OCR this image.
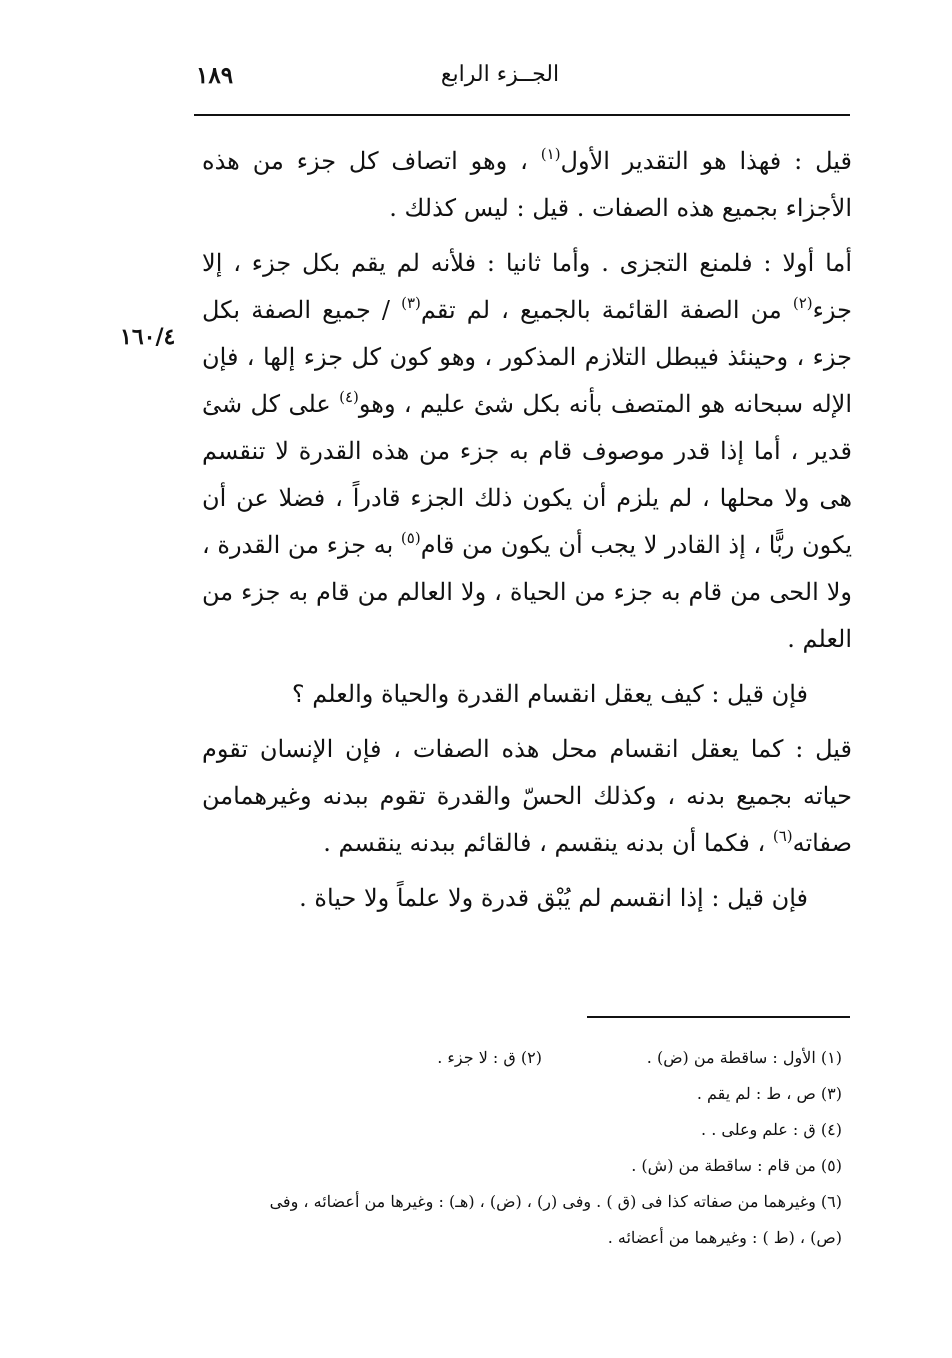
الجــزء الرابع
١٨٩
١٦٠/٤

قيل : فهذا هو التقدير الأول$^{(١)}$ ، وهو اتصاف كل جزء من هذه الأجزاء بجميع هذه الصفات . قيل : ليس كذلك .

أما أولا : فلمنع التجزى . وأما ثانيا : فلأنه لم يقم بكل جزء ، إلا جزء$^{(٢)}$ من الصفة القائمة بالجميع ، لم تقم$^{(٣)}$ / جميع الصفة بكل جزء ، وحينئذ فيبطل التلازم المذكور ، وهو كون كل جزء إلها ، فإن الإله سبحانه هو المتصف بأنه بكل شئ عليم ، وهو$^{(٤)}$ على كل شئ قدير ، أما إذا قدر موصوف قام به جزء من هذه القدرة لا تنقسم هى ولا محلها ، لم يلزم أن يكون ذلك الجزء قادراً ، فضلا عن أن يكون ربًّا ، إذ القادر لا يجب أن يكون من قام$^{(٥)}$ به جزء من القدرة ، ولا الحى من قام به جزء من الحياة ، ولا العالم من قام به جزء من العلم .

فإن قيل : كيف يعقل انقسام القدرة والحياة والعلم ؟

قيل : كما يعقل انقسام محل هذه الصفات ، فإن الإنسان تقوم حياته بجميع بدنه ، وكذلك الحسّ والقدرة تقوم ببدنه وغيرهمامن صفاته$^{(٦)}$ ، فكما أن بدنه ينقسم ، فالقائم ببدنه ينقسم .

فإن قيل : إذا انقسم لم يُبْق قدرة ولا علماً ولا حياة .

(١) الأول : ساقطة من (ض) .
(٢) ق : لا جزء .
(٣) ص ، ط : لم يقم .
(٤) ق : علم وعلى . .
(٥) من قام : ساقطة من (ش) .
(٦) وغيرهما من صفاته كذا فى (ق ) . وفى (ر) ، (ض) ، (هـ) : وغيرها من أعضائه ، وفى
(ص) ، (ط ) : وغيرهما من أعضائه .
